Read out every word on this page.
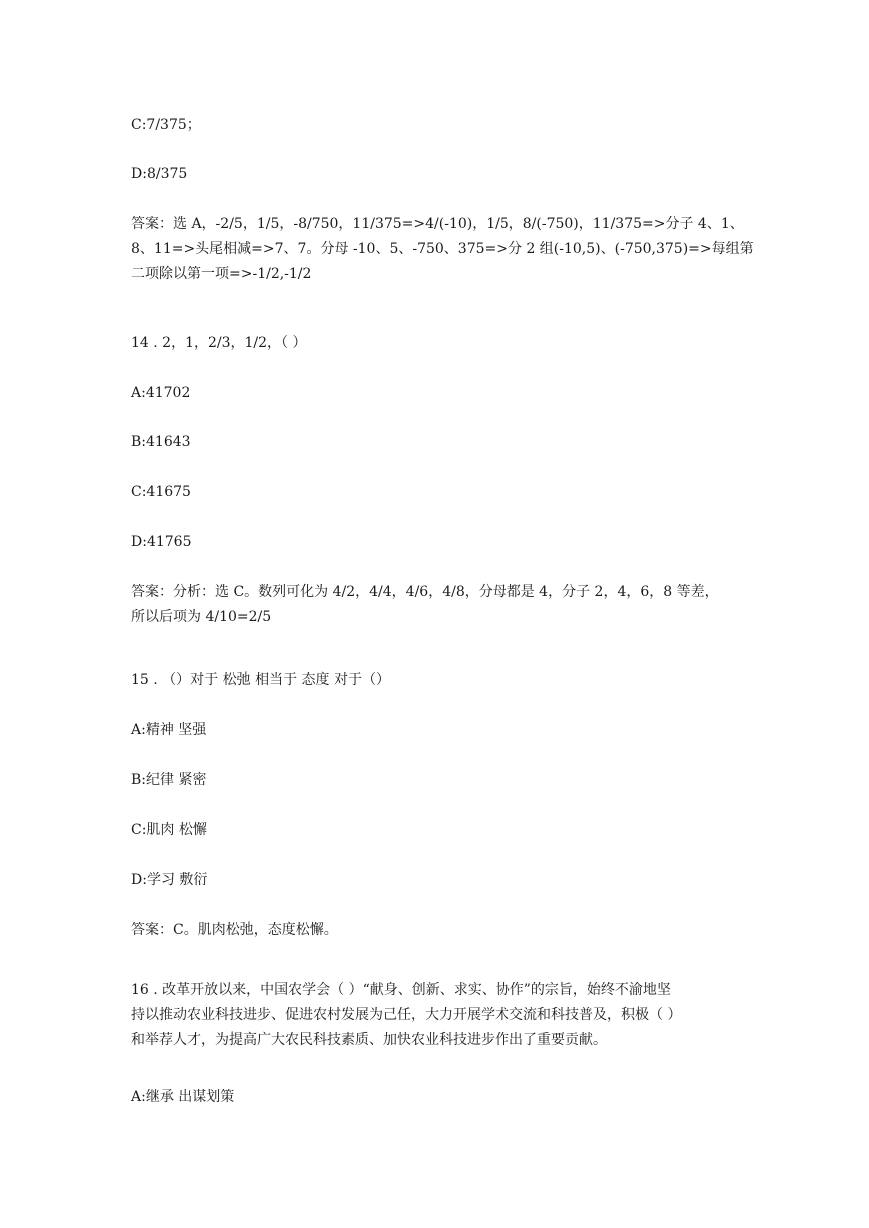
C:7/375；
D:8/375
答案：选 A，-2/5，1/5，-8/750，11/375=>4/(-10)，1/5，8/(-750)，11/375=>分子 4、1、
8、11=>头尾相减=>7、7。分母 -10、5、-750、375=>分 2 组(-10,5)、(-750,375)=>每组第
二项除以第一项=>-1/2,-1/2
14 . 2，1，2/3，1/2，（ ）
A:41702
B:41643
C:41675
D:41765
答案：分析：选 C。数列可化为 4/2，4/4，4/6，4/8，分母都是 4，分子 2，4，6，8 等差，
所以后项为 4/10=2/5
15 . （）对于 松弛 相当于 态度 对于（）
A:精神 坚强
B:纪律 紧密
C:肌肉 松懈
D:学习 敷衍
答案：C。肌肉松弛，态度松懈。
16 . 改革开放以来，中国农学会（ ）“献身、创新、求实、协作”的宗旨，始终不渝地坚
持以推动农业科技进步、促进农村发展为己任，大力开展学术交流和科技普及，积极（ ）
和举荐人才，为提高广大农民科技素质、加快农业科技进步作出了重要贡献。
A:继承 出谋划策
